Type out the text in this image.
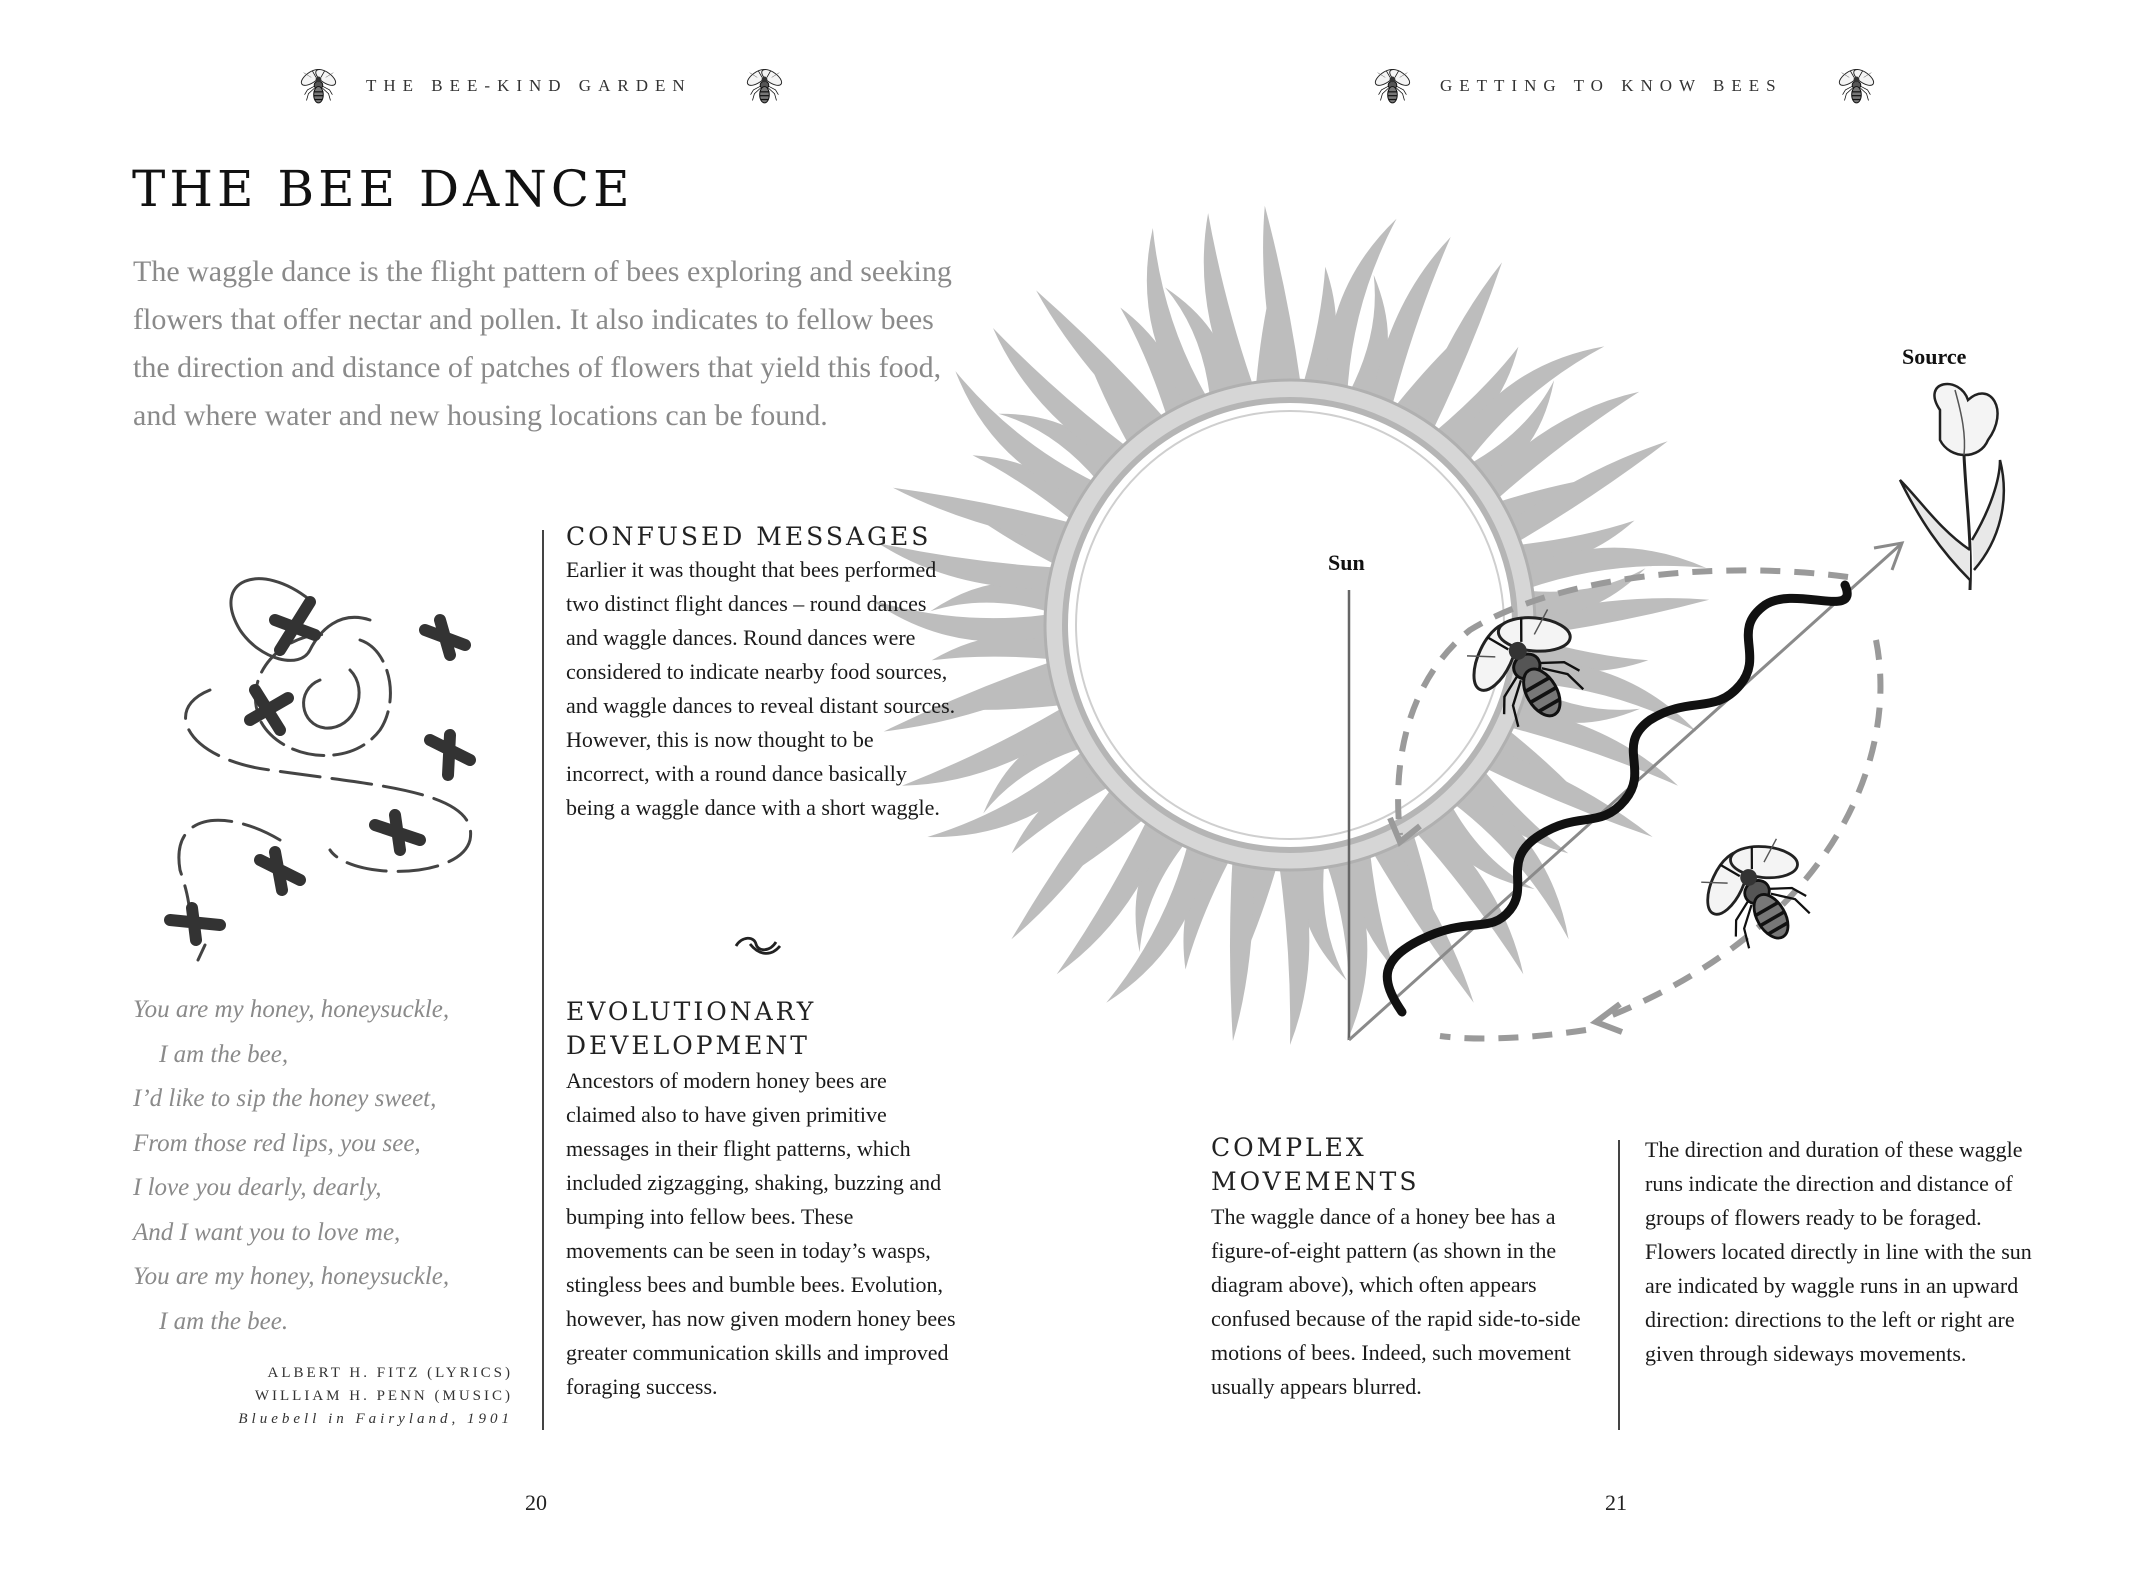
THE BEE-KIND GARDEN	GETTING TO KNOW BEES
THE BEE DANCE
The waggle dance is the flight pattern of bees exploring and seeking flowers that offer nectar and pollen. It also indicates to fellow bees the direction and distance of patches of flowers that yield this food, and where water and new housing locations can be found.
Sun
Source
CONFUSED MESSAGES
Earlier it was thought that bees performed two distinct flight dances – round dances and waggle dances. Round dances were considered to indicate nearby food sources, and waggle dances to reveal distant sources. However, this is now thought to be incorrect, with a round dance basically being a waggle dance with a short waggle.
EVOLUTIONARY
DEVELOPMENT
Ancestors of modern honey bees are claimed also to have given primitive messages in their flight patterns, which included zigzagging, shaking, buzzing and bumping into fellow bees. These movements can be seen in today’s wasps, stingless bees and bumble bees. Evolution, however, has now given modern honey bees greater communication skills and improved foraging success.
You are my honey, honeysuckle,
I am the bee,
I’d like to sip the honey sweet,
From those red lips, you see,
I love you dearly, dearly,
And I want you to love me,
You are my honey, honeysuckle,
I am the bee.
ALBERT H. FITZ (LYRICS)
WILLIAM H. PENN (MUSIC)
Bluebell in Fairyland, 1901
COMPLEX
MOVEMENTS
The waggle dance of a honey bee has a figure-of-eight pattern (as shown in the diagram above), which often appears confused because of the rapid side-to-side motions of bees. Indeed, such movement usually appears blurred.
The direction and duration of these waggle runs indicate the direction and distance of groups of flowers ready to be foraged. Flowers located directly in line with the sun are indicated by waggle runs in an upward direction: directions to the left or right are given through sideways movements.
20	21
